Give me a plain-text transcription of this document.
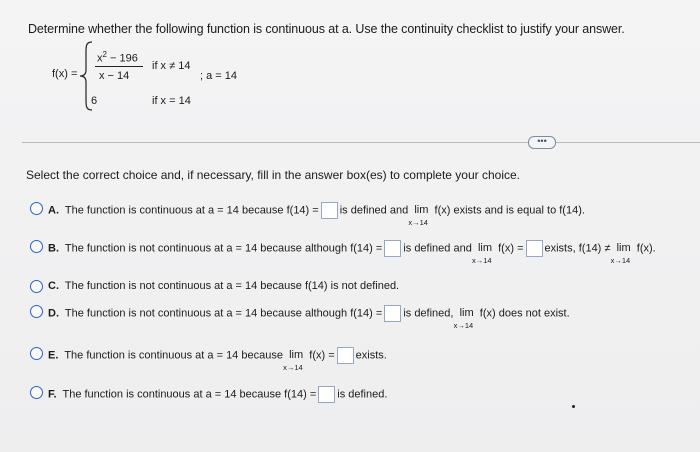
Determine whether the following function is continuous at a. Use the continuity checklist to justify your answer.
f(x) =
$x^2 - 196$
x − 14
if x ≠ 14
; a = 14
6	if x = 14
•••
Select the correct choice and, if necessary, fill in the answer box(es) to complete your choice.
A. The function is continuous at a = 14 because f(14) = is defined and lim
x→14
f(x) exists and is equal to f(14).
B. The function is not continuous at a = 14 because although f(14) = is defined and lim
x→14
f(x) = exists, f(14) ≠ lim
x→14
f(x).
C. The function is not continuous at a = 14 because f(14) is not defined.
D. The function is not continuous at a = 14 because although f(14) = is defined, lim
x→14
f(x) does not exist.
E. The function is continuous at a = 14 because lim
x→14
f(x) = exists.
F. The function is continuous at a = 14 because f(14) = is defined.
